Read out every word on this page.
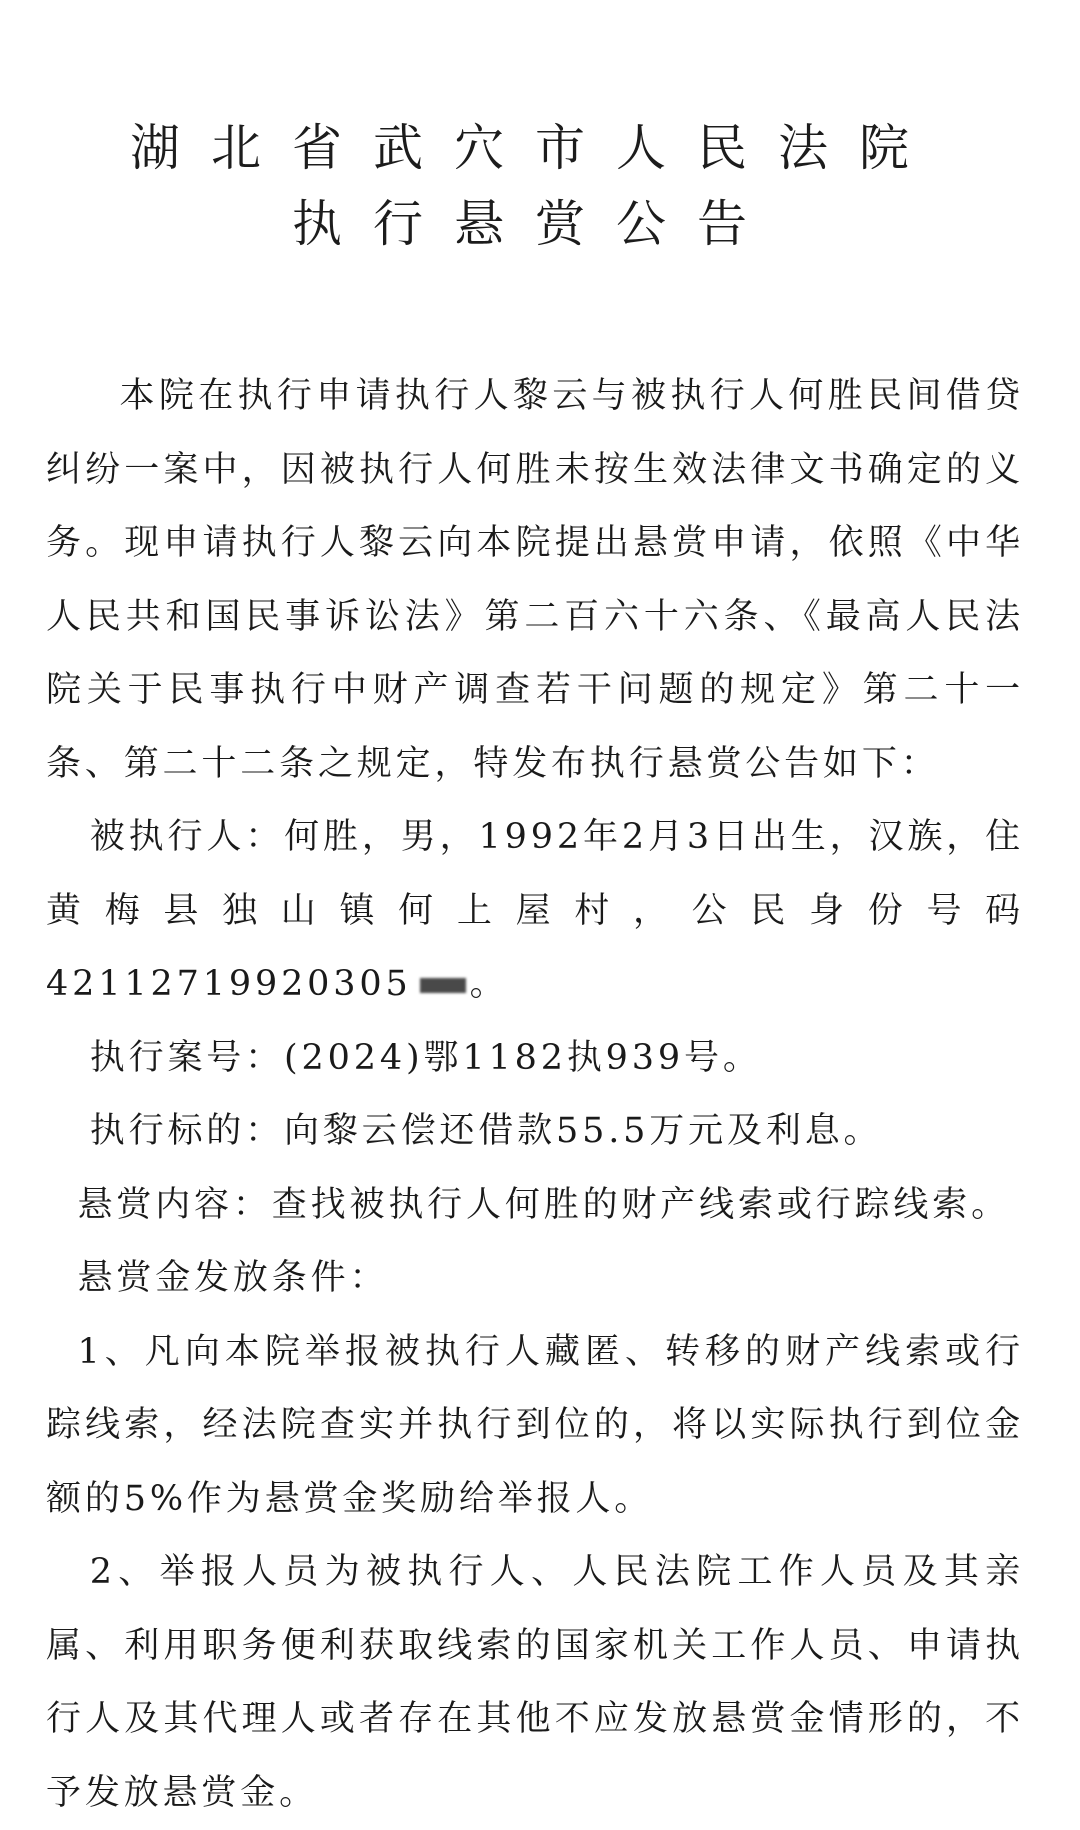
湖北省武穴市人民法院
执行悬赏公告

本院在执行申请执行人黎云与被执行人何胜民间借贷纠纷一案中，因被执行人何胜未按生效法律文书确定的义务。现申请执行人黎云向本院提出悬赏申请，依照《中华人民共和国民事诉讼法》第二百六十六条、《最高人民法院关于民事执行中财产调查若干问题的规定》第二十一条、第二十二条之规定，特发布执行悬赏公告如下：

被执行人：何胜，男，1992年2月3日出生，汉族，住黄梅县独山镇何上屋村，公民身份号码42112719920305 。

执行案号：(2024)鄂1182执939号。

执行标的：向黎云偿还借款55.5万元及利息。

悬赏内容：查找被执行人何胜的财产线索或行踪线索。

悬赏金发放条件：

1、凡向本院举报被执行人藏匿、转移的财产线索或行踪线索，经法院查实并执行到位的，将以实际执行到位金额的5%作为悬赏金奖励给举报人。

2、举报人员为被执行人、人民法院工作人员及其亲属、利用职务便利获取线索的国家机关工作人员、申请执行人及其代理人或者存在其他不应发放悬赏金情形的，不予发放悬赏金。
